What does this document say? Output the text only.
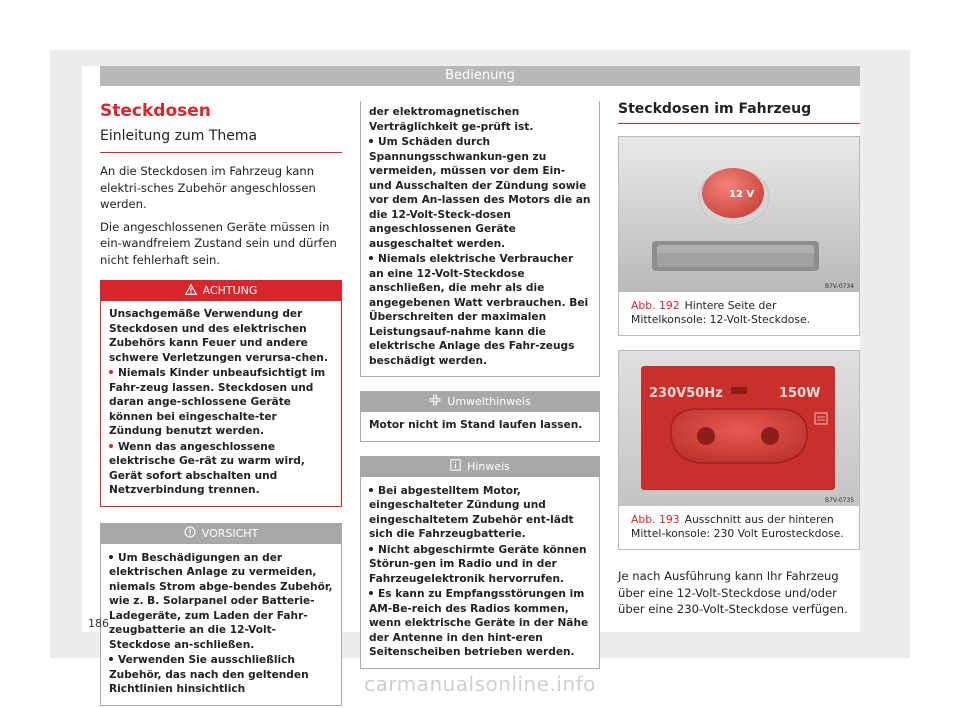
Bedienung
Steckdosen
Einleitung zum Thema

An die Steckdosen im Fahrzeug kann elektri-sches Zubehör angeschlossen werden.

Die angeschlossenen Geräte müssen in ein-wandfreiem Zustand sein und dürfen nicht fehlerhaft sein.

ACHTUNG

Unsachgemäße Verwendung der Steckdosen und des elektrischen Zubehörs kann Feuer und andere schwere Verletzungen verursa-chen.

Niemals Kinder unbeaufsichtigt im Fahr-zeug lassen. Steckdosen und daran ange-schlossene Geräte können bei eingeschalte-ter Zündung benutzt werden.

Wenn das angeschlossene elektrische Ge-rät zu warm wird, Gerät sofort abschalten und Netzverbindung trennen.

VORSICHT

Um Beschädigungen an der elektrischen Anlage zu vermeiden, niemals Strom abge-bendes Zubehör, wie z. B. Solarpanel oder Batterie-Ladegeräte, zum Laden der Fahr-zeugbatterie an die 12-Volt-Steckdose an-schließen.

Verwenden Sie ausschließlich Zubehör, das nach den geltenden Richtlinien hinsichtlich

der elektromagnetischen Verträglichkeit ge-prüft ist.

Um Schäden durch Spannungsschwankun-gen zu vermeiden, müssen vor dem Ein- und Ausschalten der Zündung sowie vor dem An-lassen des Motors die an die 12-Volt-Steck-dosen angeschlossenen Geräte ausgeschaltet werden.

Niemals elektrische Verbraucher an eine 12-Volt-Steckdose anschließen, die mehr als die angegebenen Watt verbrauchen. Bei Überschreiten der maximalen Leistungsauf-nahme kann die elektrische Anlage des Fahr-zeugs beschädigt werden.

Umwelthinweis

Motor nicht im Stand laufen lassen.

Hinweis

Bei abgestelltem Motor, eingeschalteter Zündung und eingeschaltetem Zubehör ent-lädt sich die Fahrzeugbatterie.

Nicht abgeschirmte Geräte können Störun-gen im Radio und in der Fahrzeugelektronik hervorrufen.

Es kann zu Empfangsstörungen im AM-Be-reich des Radios kommen, wenn elektrische Geräte in der Nähe der Antenne in den hint-eren Seitenscheiben betrieben werden.

Steckdosen im Fahrzeug
12 V
B7V-0734
Abb. 192 Hintere Seite der Mittelkonsole: 12-Volt-Steckdose.
230V50Hz	150W
B7V-0735
Abb. 193 Ausschnitt aus der hinteren Mittel-konsole: 230 Volt Eurosteckdose.

Je nach Ausführung kann Ihr Fahrzeug über eine 12-Volt-Steckdose und/oder über eine 230-Volt-Steckdose verfügen.

186
carmanualsonline.info
